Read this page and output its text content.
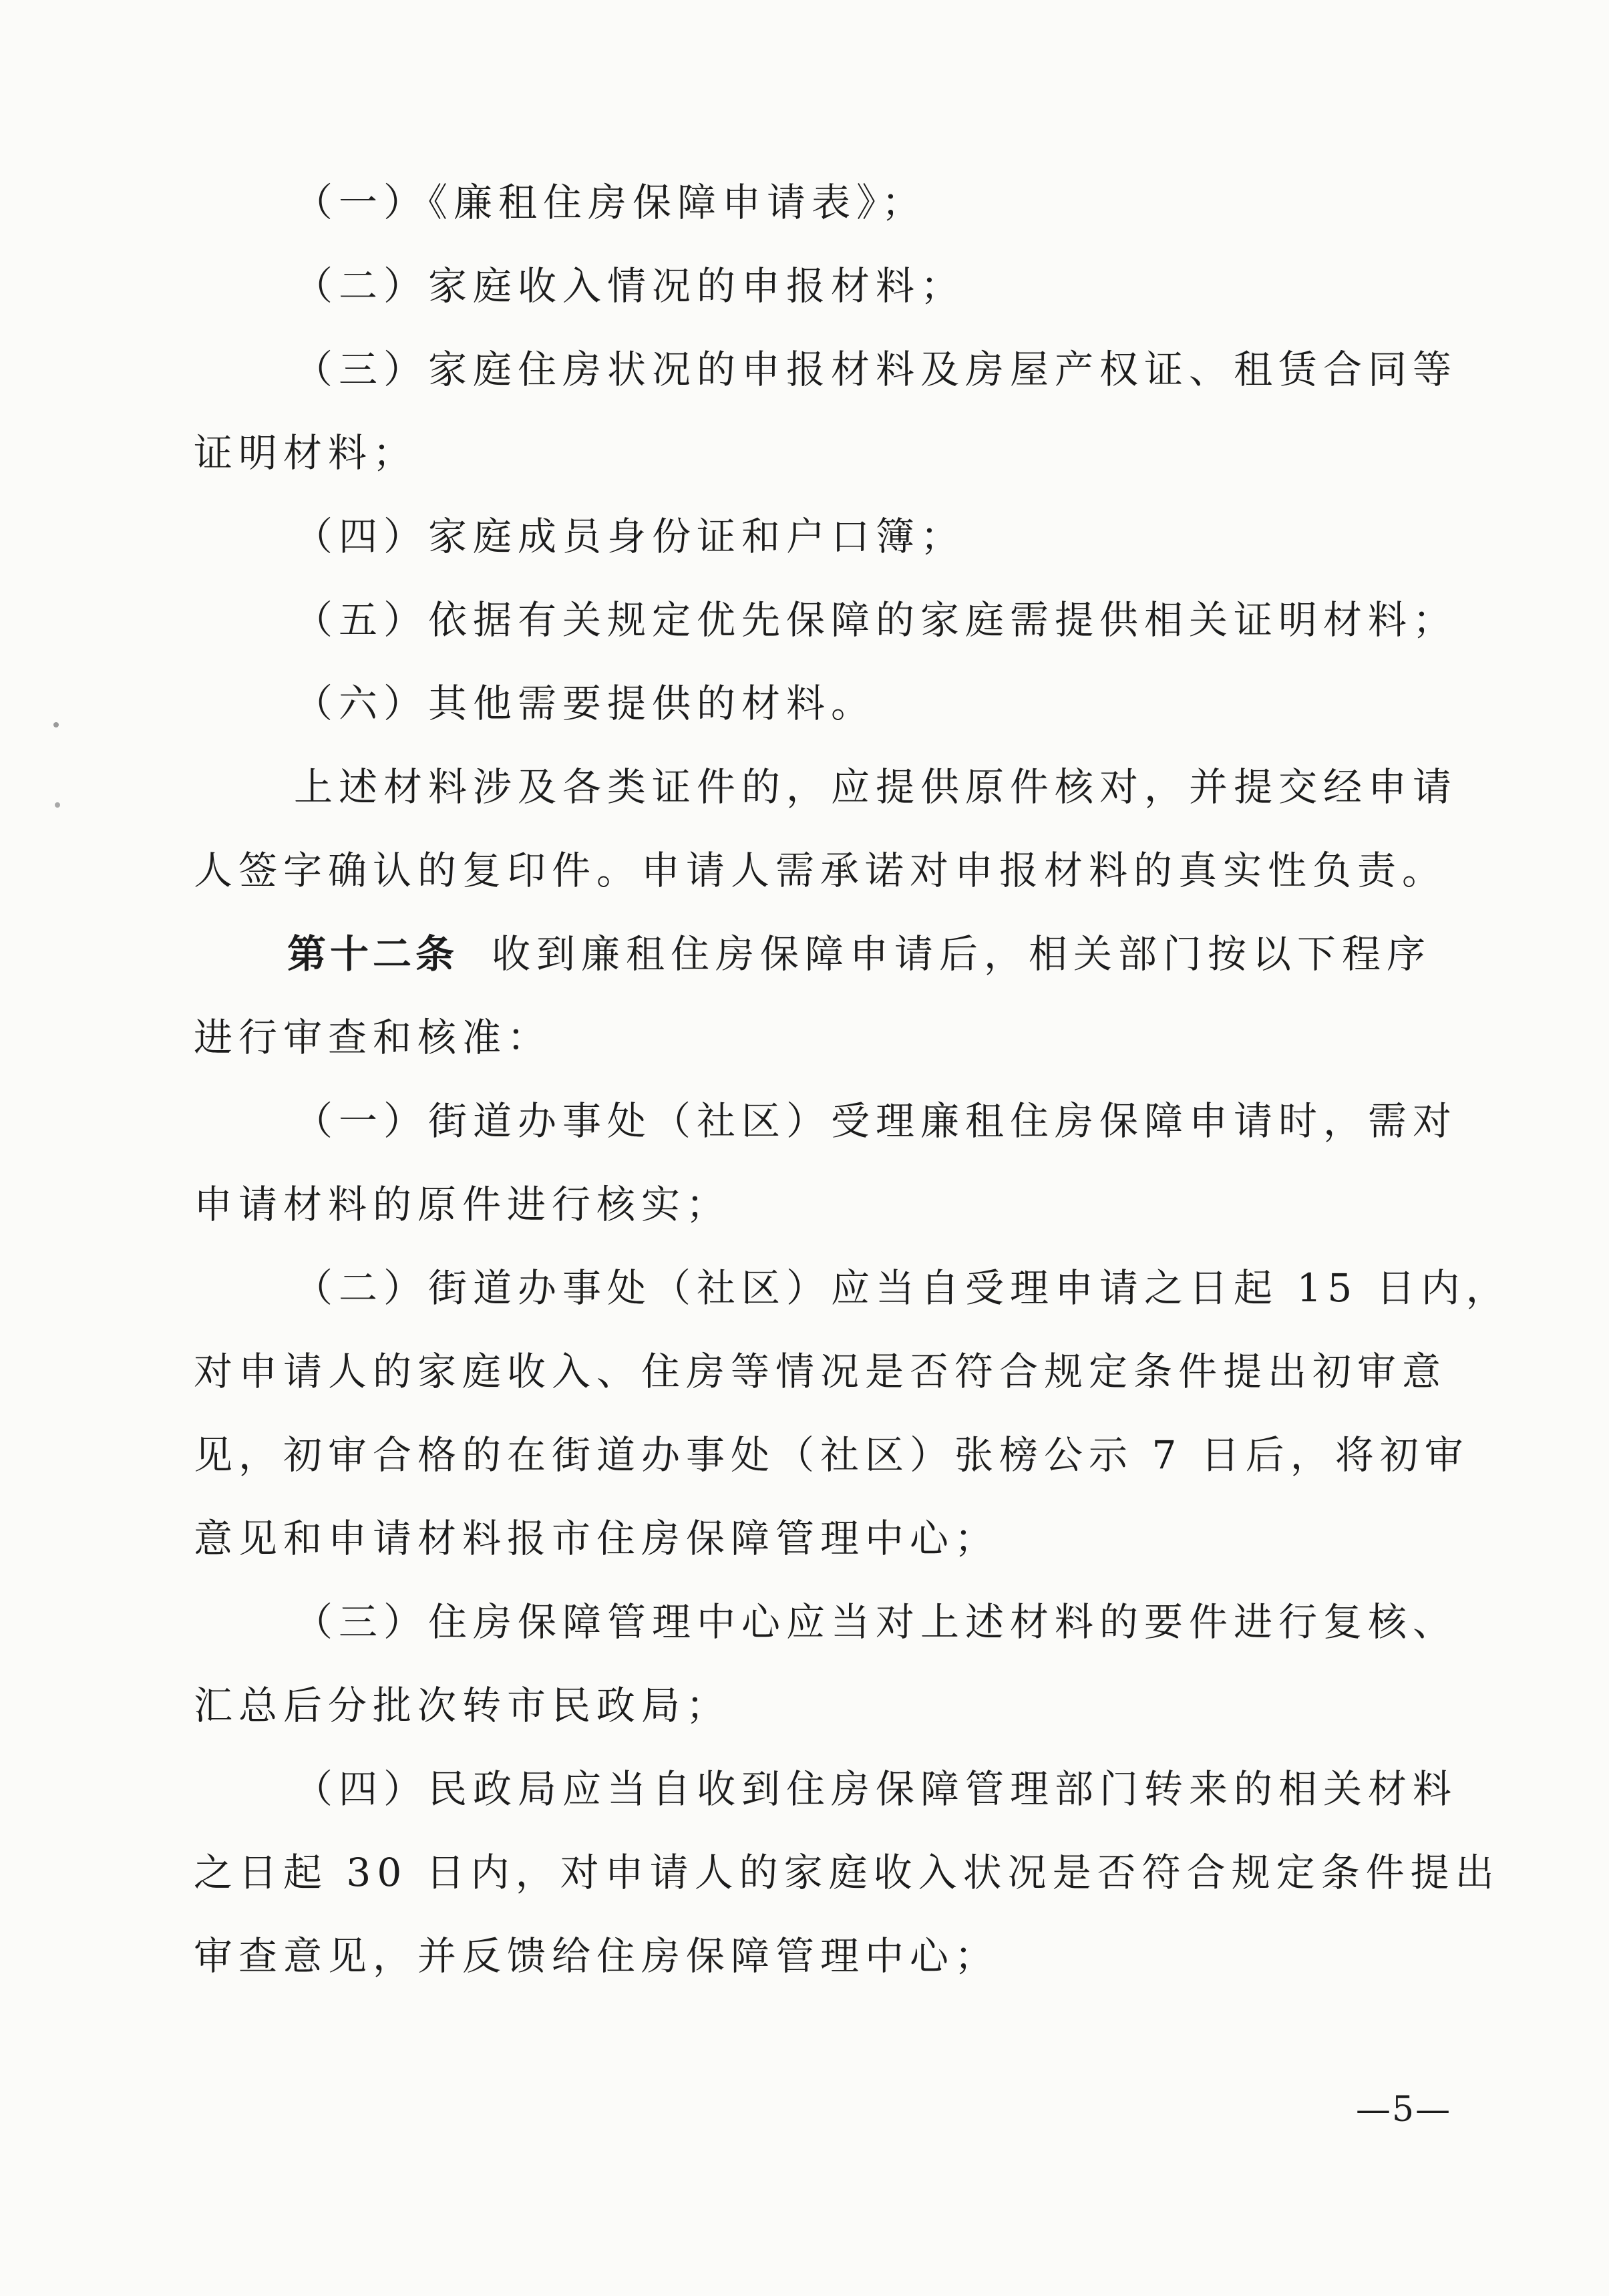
（一）《廉租住房保障申请表》；
（二）家庭收入情况的申报材料；
（三）家庭住房状况的申报材料及房屋产权证、租赁合同等
证明材料；
（四）家庭成员身份证和户口簿；
（五）依据有关规定优先保障的家庭需提供相关证明材料；
（六）其他需要提供的材料。
上述材料涉及各类证件的，应提供原件核对，并提交经申请
人签字确认的复印件。申请人需承诺对申报材料的真实性负责。
第十二条 收到廉租住房保障申请后，相关部门按以下程序
进行审查和核准：
（一）街道办事处（社区）受理廉租住房保障申请时，需对
申请材料的原件进行核实；
（二）街道办事处（社区）应当自受理申请之日起 15 日内，
对申请人的家庭收入、住房等情况是否符合规定条件提出初审意
见，初审合格的在街道办事处（社区）张榜公示 7 日后，将初审
意见和申请材料报市住房保障管理中心；
（三）住房保障管理中心应当对上述材料的要件进行复核、
汇总后分批次转市民政局；
（四）民政局应当自收到住房保障管理部门转来的相关材料
之日起 30 日内，对申请人的家庭收入状况是否符合规定条件提出
审查意见，并反馈给住房保障管理中心；
—5—
